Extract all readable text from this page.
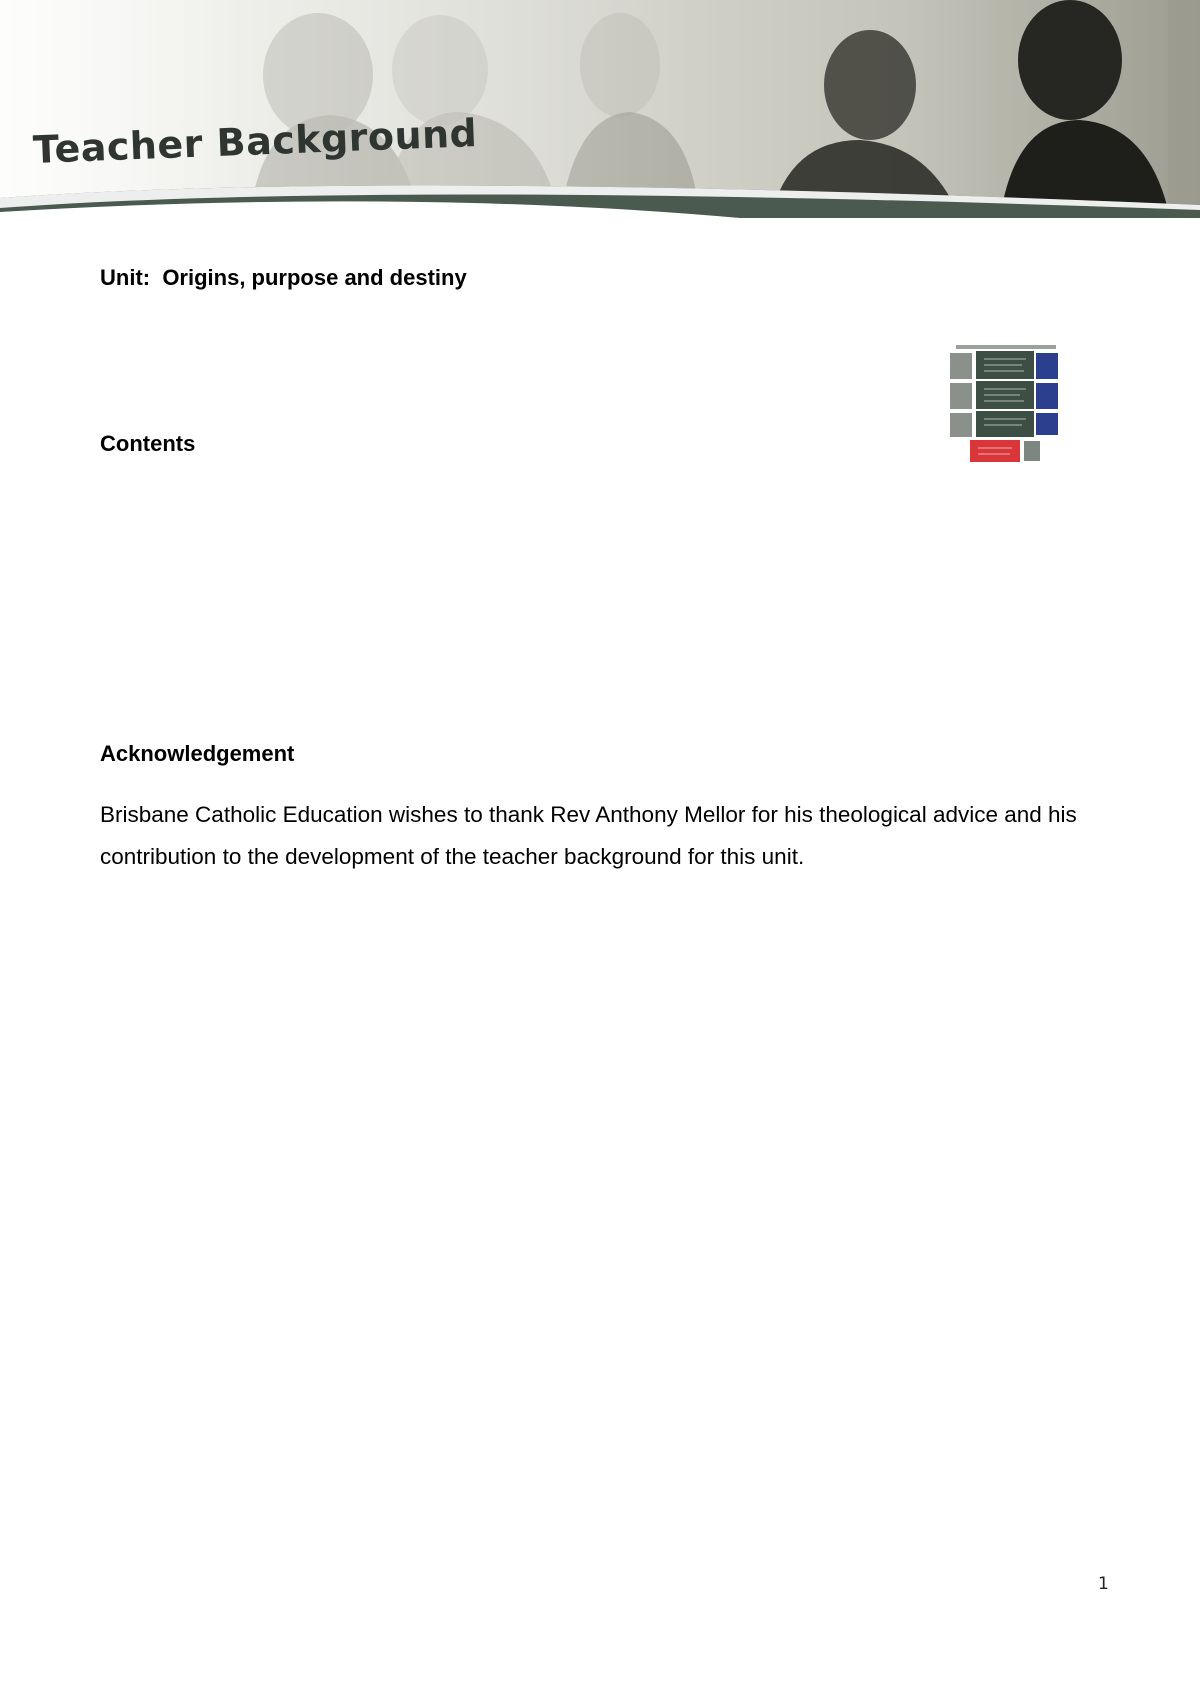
Teacher Background
Unit:  Origins, purpose and destiny
Contents
Acknowledgement
Brisbane Catholic Education wishes to thank Rev Anthony Mellor for his theological advice and his contribution to the development of the teacher background for this unit.
1
